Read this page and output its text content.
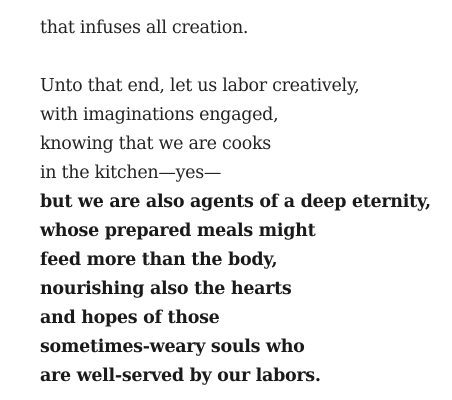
that infuses all creation.
Unto that end, let us labor creatively,
with imaginations engaged,
knowing that we are cooks
in the kitchen—yes—
but we are also agents of a deep eternity,
whose prepared meals might
feed more than the body,
nourishing also the hearts
and hopes of those
sometimes-weary souls who
are well-served by our labors.
